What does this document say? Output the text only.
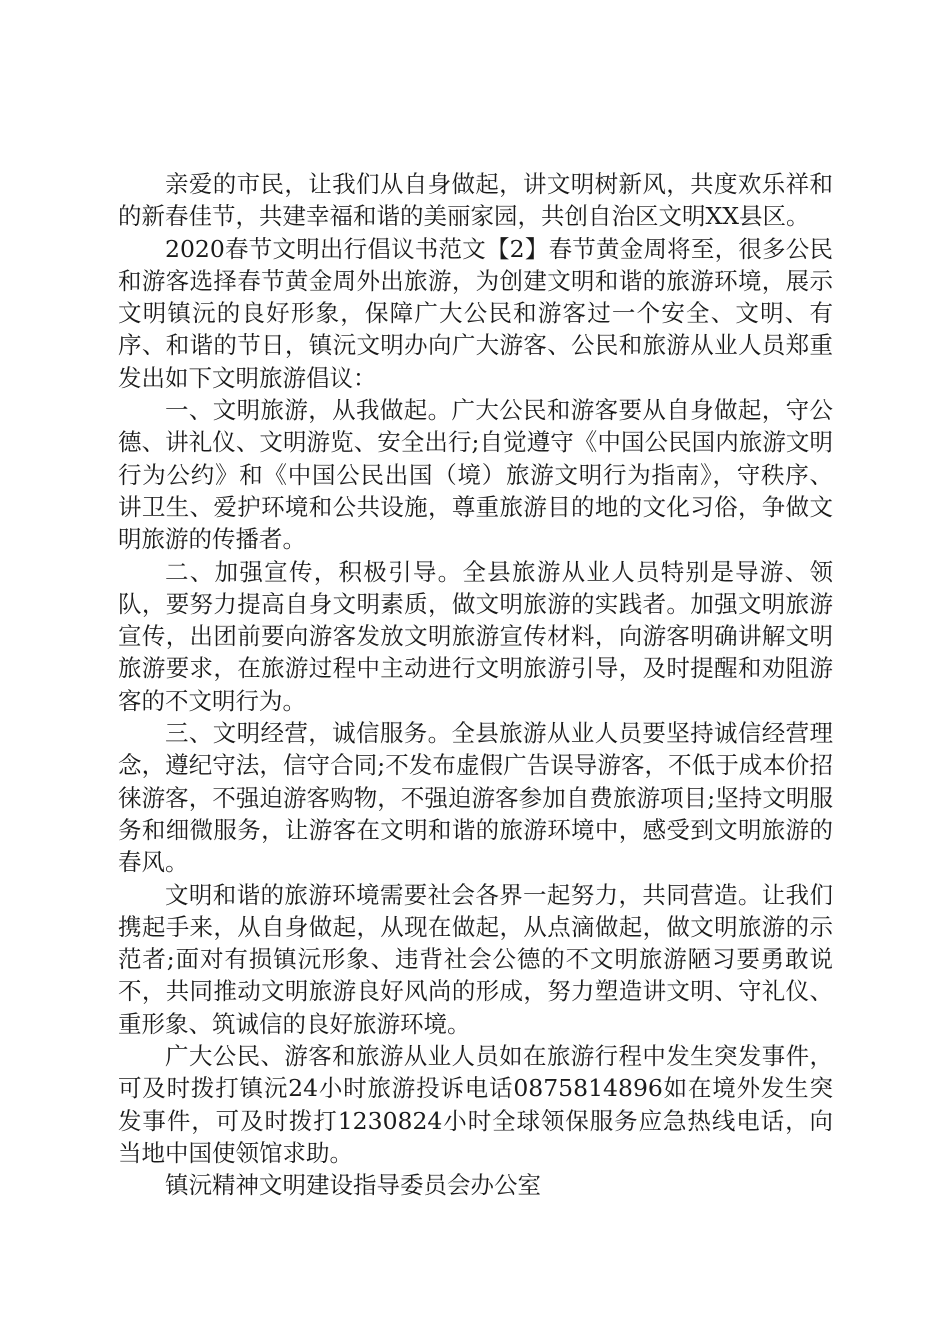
亲爱的市民，让我们从自身做起，讲文明树新风，共度欢乐祥和的新春佳节，共建幸福和谐的美丽家园，共创自治区文明XX县区。

2020春节文明出行倡议书范文【2】春节黄金周将至，很多公民和游客选择春节黄金周外出旅游，为创建文明和谐的旅游环境，展示文明镇沅的良好形象，保障广大公民和游客过一个安全、文明、有序、和谐的节日，镇沅文明办向广大游客、公民和旅游从业人员郑重发出如下文明旅游倡议：

一、文明旅游，从我做起。广大公民和游客要从自身做起，守公德、讲礼仪、文明游览、安全出行;自觉遵守《中国公民国内旅游文明行为公约》和《中国公民出国（境）旅游文明行为指南》，守秩序、讲卫生、爱护环境和公共设施，尊重旅游目的地的文化习俗，争做文明旅游的传播者。

二、加强宣传，积极引导。全县旅游从业人员特别是导游、领队，要努力提高自身文明素质，做文明旅游的实践者。加强文明旅游宣传，出团前要向游客发放文明旅游宣传材料，向游客明确讲解文明旅游要求，在旅游过程中主动进行文明旅游引导，及时提醒和劝阻游客的不文明行为。

三、文明经营，诚信服务。全县旅游从业人员要坚持诚信经营理念，遵纪守法，信守合同;不发布虚假广告误导游客，不低于成本价招徕游客，不强迫游客购物，不强迫游客参加自费旅游项目;坚持文明服务和细微服务，让游客在文明和谐的旅游环境中，感受到文明旅游的春风。

文明和谐的旅游环境需要社会各界一起努力，共同营造。让我们携起手来，从自身做起，从现在做起，从点滴做起，做文明旅游的示范者;面对有损镇沅形象、违背社会公德的不文明旅游陋习要勇敢说不，共同推动文明旅游良好风尚的形成，努力塑造讲文明、守礼仪、重形象、筑诚信的良好旅游环境。

广大公民、游客和旅游从业人员如在旅游行程中发生突发事件，可及时拨打镇沅24小时旅游投诉电话0875814896如在境外发生突发事件，可及时拨打1230824小时全球领保服务应急热线电话，向当地中国使领馆求助。

镇沅精神文明建设指导委员会办公室
